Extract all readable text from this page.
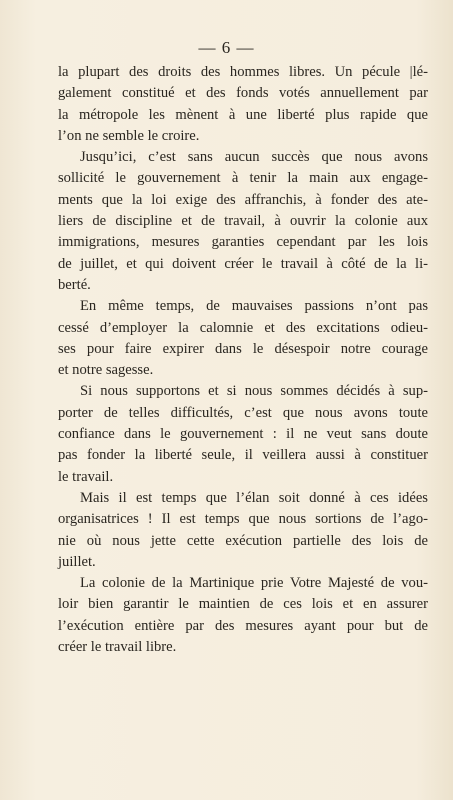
— 6 —
la plupart des droits des hommes libres. Un pécule |lé-
galement constitué et des fonds votés annuellement par
la métropole les mènent à une liberté plus rapide que
l’on ne semble le croire.
Jusqu’ici, c’est sans aucun succès que nous avons
sollicité le gouvernement à tenir la main aux engage-
ments que la loi exige des affranchis, à fonder des ate-
liers de discipline et de travail, à ouvrir la colonie aux
immigrations, mesures garanties cependant par les lois
de juillet, et qui doivent créer le travail à côté de la li-
berté.
En même temps, de mauvaises passions n’ont pas
cessé d’employer la calomnie et des excitations odieu-
ses pour faire expirer dans le désespoir notre courage
et notre sagesse.
Si nous supportons et si nous sommes décidés à sup-
porter de telles difficultés, c’est que nous avons toute
confiance dans le gouvernement : il ne veut sans doute
pas fonder la liberté seule, il veillera aussi à constituer
le travail.
Mais il est temps que l’élan soit donné à ces idées
organisatrices ! Il est temps que nous sortions de l’ago-
nie où nous jette cette exécution partielle des lois de
juillet.
La colonie de la Martinique prie Votre Majesté de vou-
loir bien garantir le maintien de ces lois et en assurer
l’exécution entière par des mesures ayant pour but de
créer le travail libre.
